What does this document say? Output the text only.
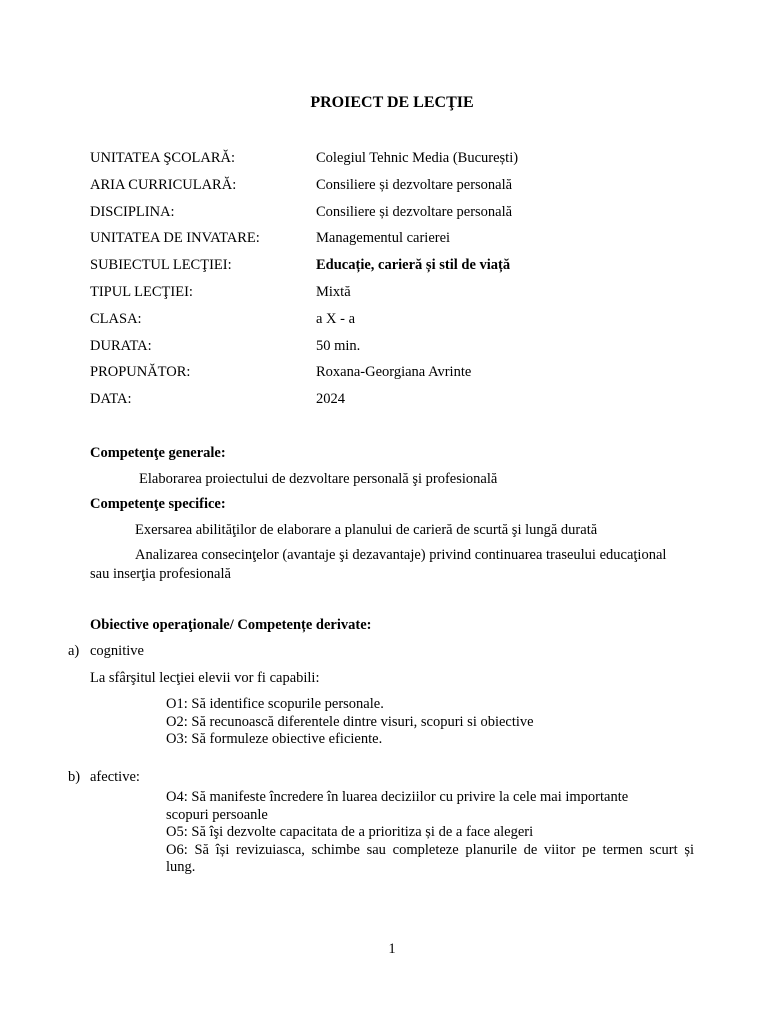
PROIECT DE LECŢIE
UNITATEA ŞCOLARĂ:	Colegiul Tehnic Media (București)
ARIA CURRICULARĂ:	Consiliere și dezvoltare personală
DISCIPLINA:	Consiliere și dezvoltare personală
UNITATEA DE INVATARE:	Managementul carierei
SUBIECTUL LECŢIEI:	Educație, carieră și stil de viață
TIPUL LECŢIEI:	Mixtă
CLASA:	a X - a
DURATA:	50 min.
PROPUNĂTOR:	Roxana-Georgiana Avrinte
DATA:	2024
Competenţe generale:
Elaborarea proiectului de dezvoltare personală şi profesională
Competenţe specifice:
Exersarea abilităţilor de elaborare a planului de carieră de scurtă şi lungă durată
Analizarea consecinţelor (avantaje şi dezavantaje) privind continuarea traseului educaţional
sau inserţia profesională
Obiective operaţionale/ Competențe derivate:
a) cognitive
La sfârşitul lecţiei elevii vor fi capabili:

O1: Să identifice scopurile personale.

O2: Să recunoască diferentele dintre visuri, scopuri si obiective

O3: Să formuleze obiective eficiente.

b) afective:

O4: Să manifeste încredere în luarea deciziilor cu privire la cele mai importante

scopuri persoanle

O5: Să îşi dezvolte capacitata de a prioritiza și de a face alegeri

O6: Să își revizuiasca, schimbe sau completeze planurile de viitor pe termen scurt și

lung.

1
